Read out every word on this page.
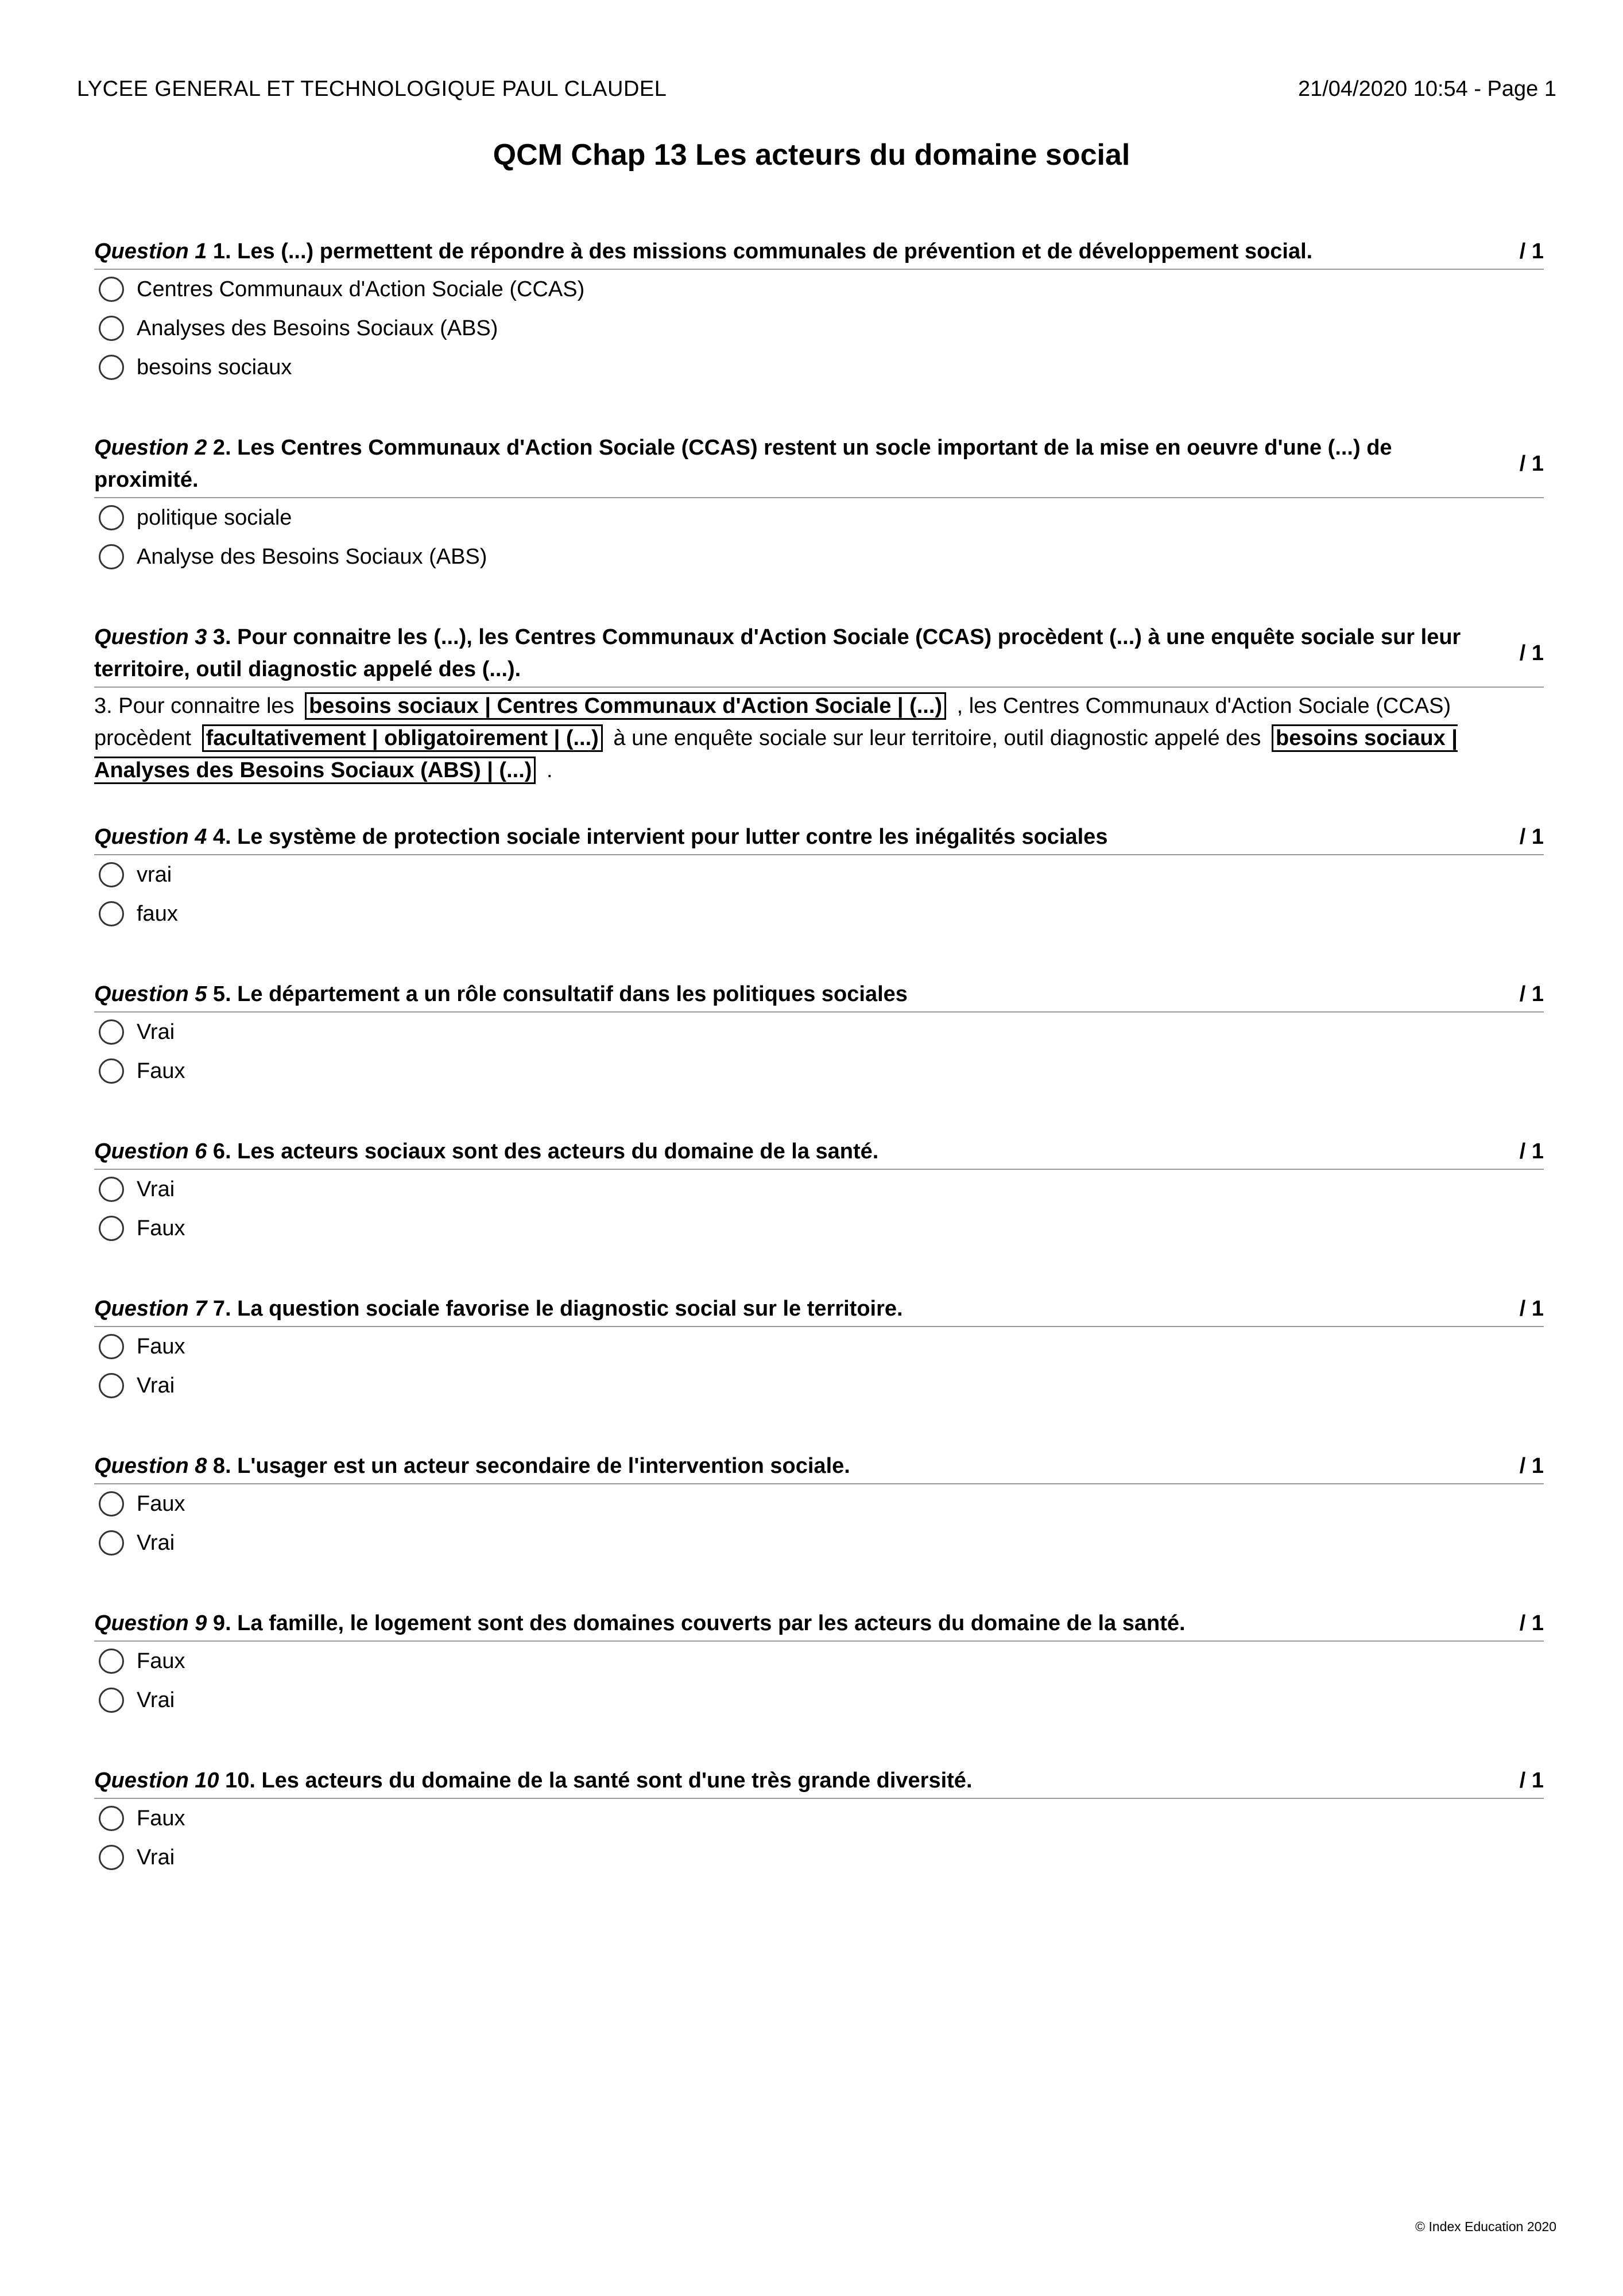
LYCEE GENERAL ET TECHNOLOGIQUE PAUL CLAUDEL	21/04/2020 10:54 - Page 1
QCM Chap 13 Les acteurs du domaine social
Question 1 1. Les (...) permettent de répondre à des missions communales de prévention et de développement social.	/ 1
Centres Communaux d'Action Sociale (CCAS)
Analyses des Besoins Sociaux (ABS)
besoins sociaux
Question 2 2. Les Centres Communaux d'Action Sociale (CCAS) restent un socle important de la mise en oeuvre d'une (...) de proximité.
/ 1
politique sociale
Analyse des Besoins Sociaux (ABS)
Question 3 3. Pour connaitre les (...), les Centres Communaux d'Action Sociale (CCAS) procèdent (...) à une enquête sociale sur leur territoire, outil diagnostic appelé des (...).
/ 1
3. Pour connaitre les besoins sociaux | Centres Communaux d'Action Sociale | (...) , les Centres Communaux d'Action Sociale (CCAS) procèdent facultativement | obligatoirement | (...) à une enquête sociale sur leur territoire, outil diagnostic appelé des besoins sociaux | Analyses des Besoins Sociaux (ABS) | (...) .
Question 4 4. Le système de protection sociale intervient pour lutter contre les inégalités sociales	/ 1
vrai
faux
Question 5 5. Le département a un rôle consultatif dans les politiques sociales	/ 1
Vrai
Faux
Question 6 6. Les acteurs sociaux sont des acteurs du domaine de la santé.	/ 1
Vrai
Faux
Question 7 7. La question sociale favorise le diagnostic social sur le territoire.	/ 1
Faux
Vrai
Question 8 8. L'usager est un acteur secondaire de l'intervention sociale.	/ 1
Faux
Vrai
Question 9 9. La famille, le logement sont des domaines couverts par les acteurs du domaine de la santé.	/ 1
Faux
Vrai
Question 10 10. Les acteurs du domaine de la santé sont d'une très grande diversité.	/ 1
Faux
Vrai
© Index Education 2020
